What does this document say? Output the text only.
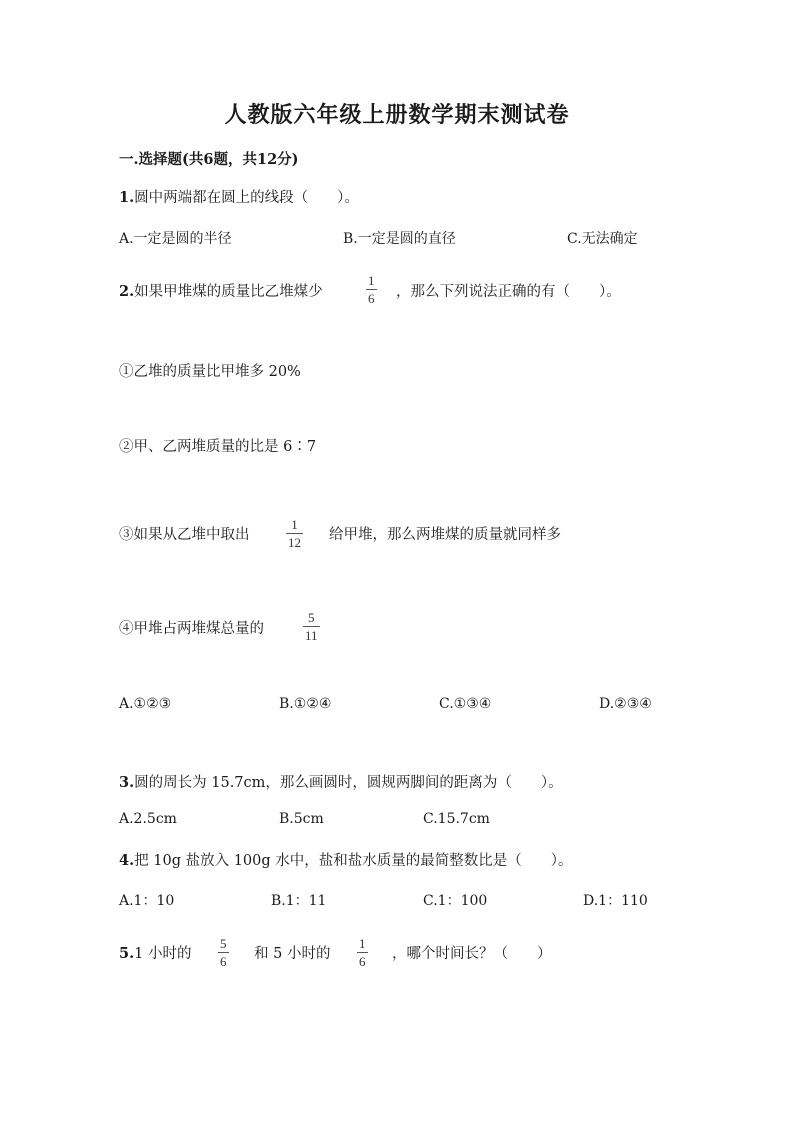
人教版六年级上册数学期末测试卷
一.选择题(共6题，共12分)
1.圆中两端都在圆上的线段（　　）。
A.一定是圆的半径	B.一定是圆的直径	C.无法确定
2.如果甲堆煤的质量比乙堆煤少
1
6 ，那么下列说法正确的有（　　）。
①乙堆的质量比甲堆多 20%
②甲、乙两堆质量的比是 6∶7
③如果从乙堆中取出
1
12 给甲堆，那么两堆煤的质量就同样多
④甲堆占两堆煤总量的
5
11
A.①②③	B.①②④	C.①③④	D.②③④
3.圆的周长为 15.7cm，那么画圆时，圆规两脚间的距离为（　　）。
A.2.5cm	B.5cm	C.15.7cm
4.把 10g 盐放入 100g 水中，盐和盐水质量的最简整数比是（　　）。
A.1：10	B.1：11	C.1：100	D.1：110
5.1 小时的
5
6 和 5 小时的
1
6 ，哪个时间长？（　　）
